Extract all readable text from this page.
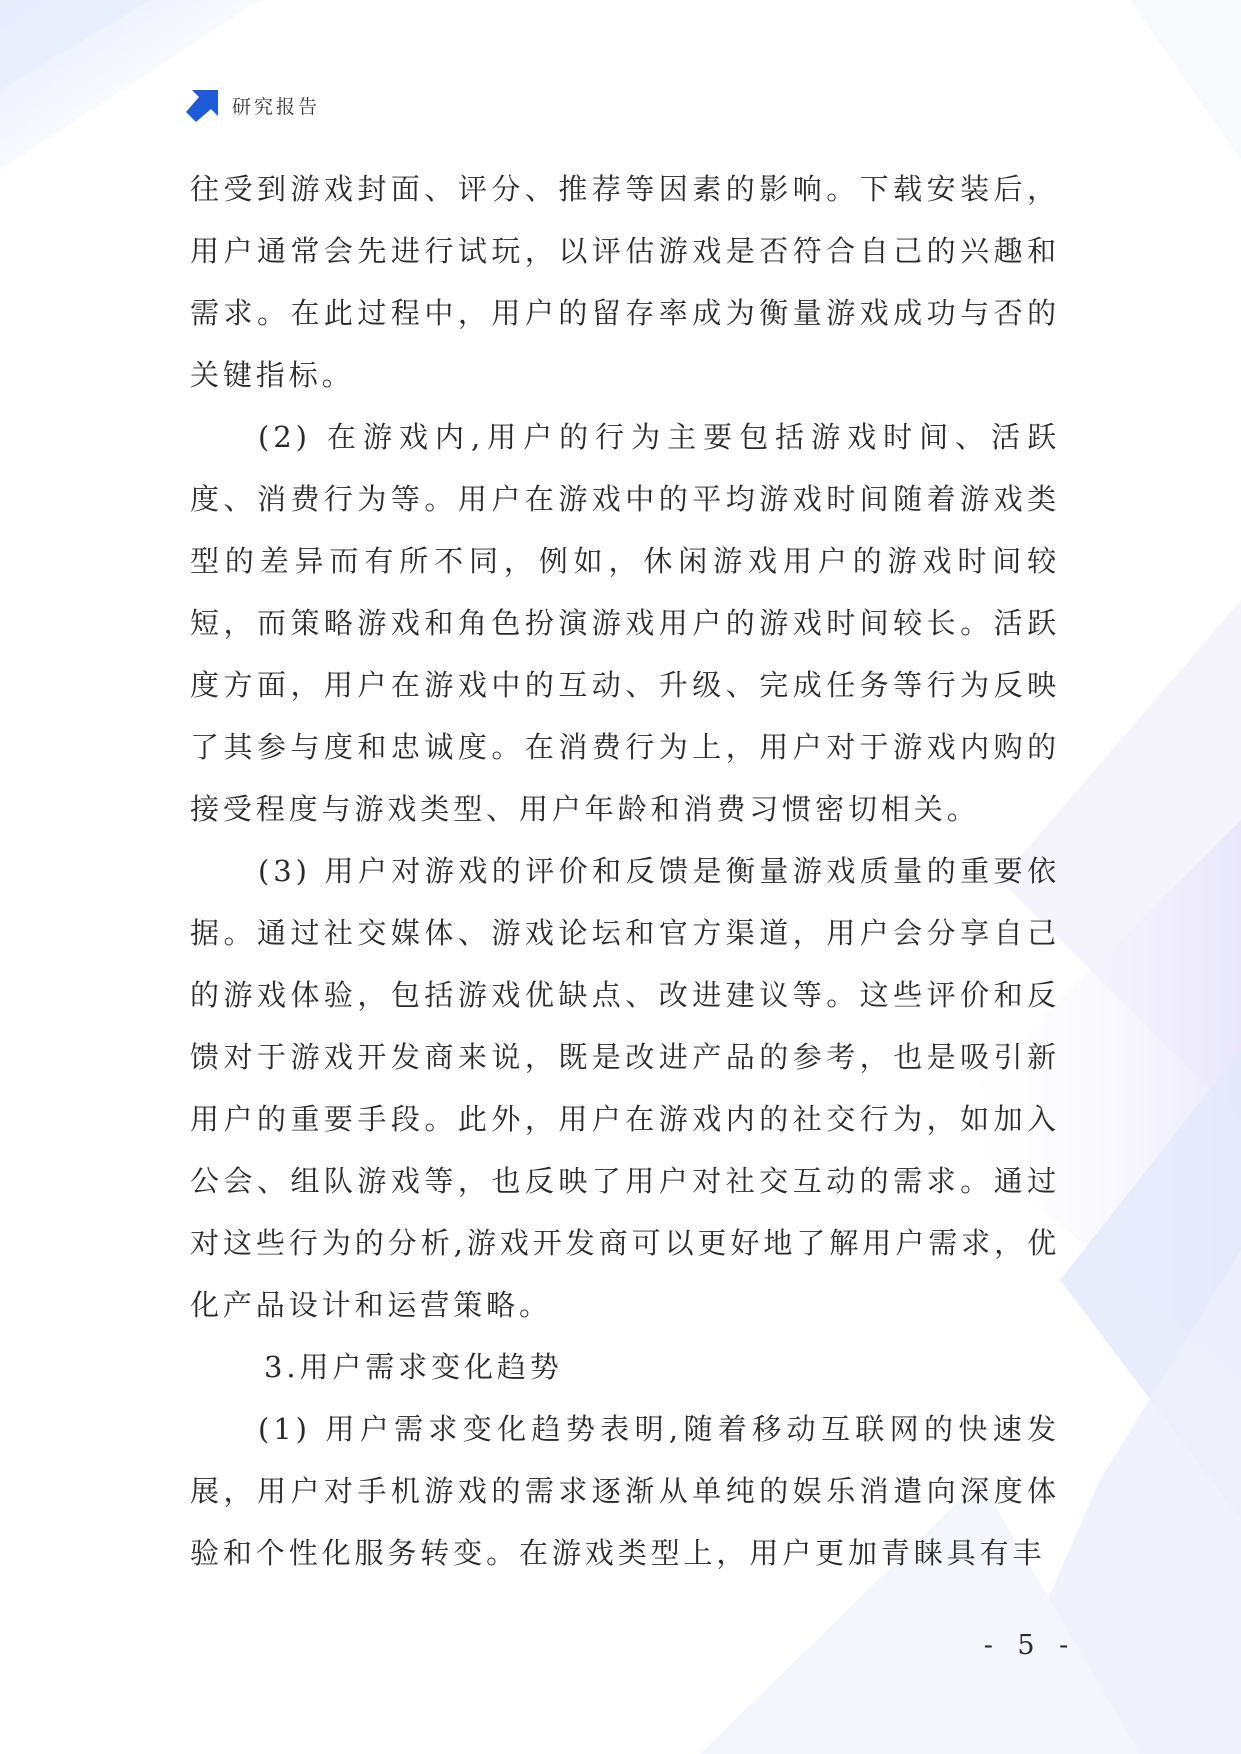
研究报告

往受到游戏封面、评分、推荐等因素的影响。下载安装后，用户通常会先进行试玩，以评估游戏是否符合自己的兴趣和需求。在此过程中，用户的留存率成为衡量游戏成功与否的关键指标。

(2) 在游戏内,用户的行为主要包括游戏时间、活跃度、消费行为等。用户在游戏中的平均游戏时间随着游戏类型的差异而有所不同，例如，休闲游戏用户的游戏时间较短，而策略游戏和角色扮演游戏用户的游戏时间较长。活跃度方面，用户在游戏中的互动、升级、完成任务等行为反映了其参与度和忠诚度。在消费行为上，用户对于游戏内购的接受程度与游戏类型、用户年龄和消费习惯密切相关。

(3) 用户对游戏的评价和反馈是衡量游戏质量的重要依据。通过社交媒体、游戏论坛和官方渠道，用户会分享自己的游戏体验，包括游戏优缺点、改进建议等。这些评价和反馈对于游戏开发商来说，既是改进产品的参考，也是吸引新用户的重要手段。此外，用户在游戏内的社交行为，如加入公会、组队游戏等，也反映了用户对社交互动的需求。通过对这些行为的分析,游戏开发商可以更好地了解用户需求，优化产品设计和运营策略。

3.用户需求变化趋势

(1) 用户需求变化趋势表明,随着移动互联网的快速发展，用户对手机游戏的需求逐渐从单纯的娱乐消遣向深度体验和个性化服务转变。在游戏类型上，用户更加青睐具有丰

- 5 -
